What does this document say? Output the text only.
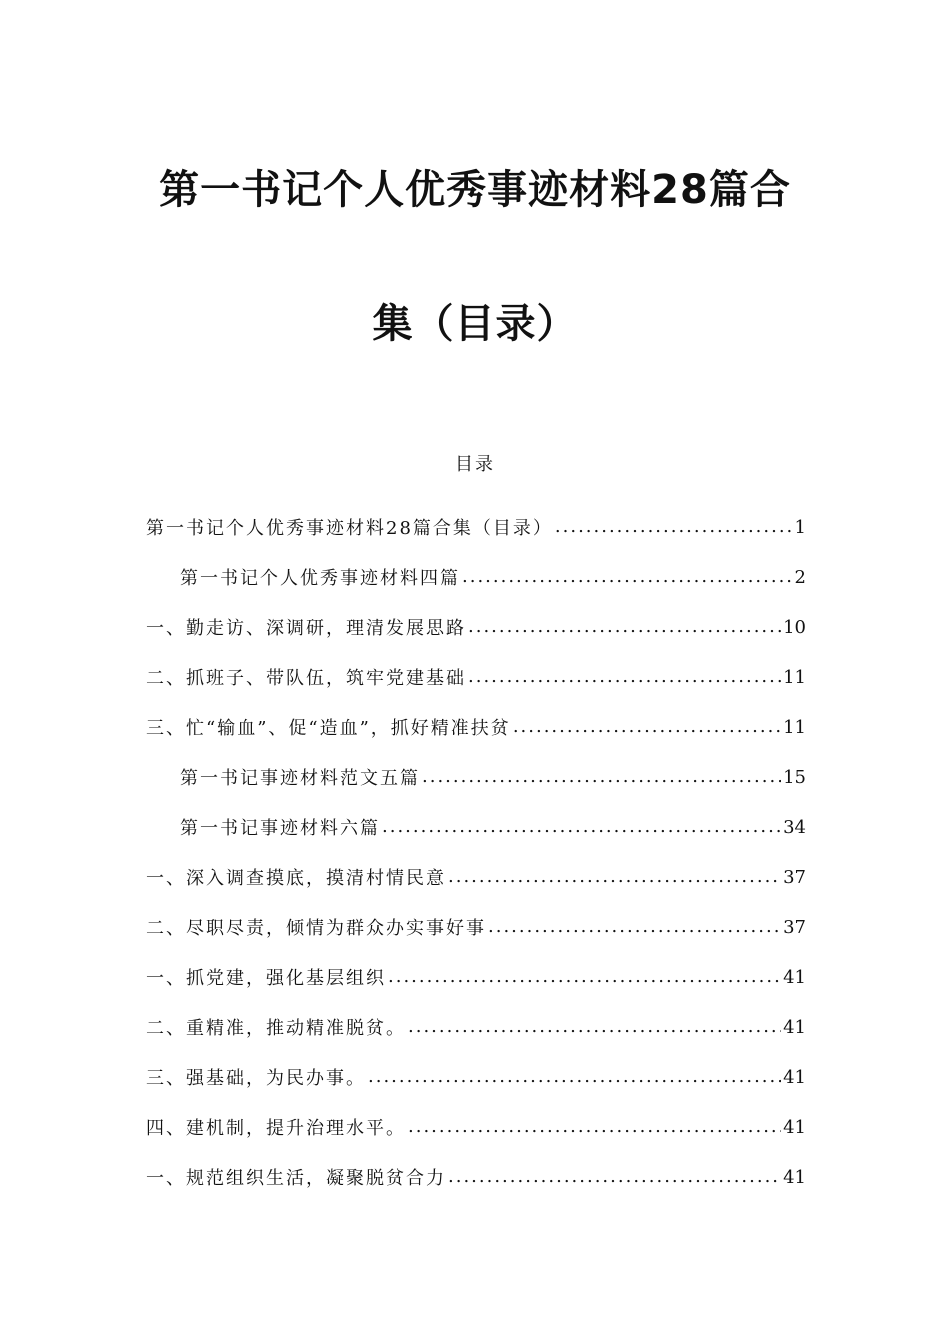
第一书记个人优秀事迹材料28篇合
集（目录）
目录
第一书记个人优秀事迹材料28篇合集（目录） .....	1
第一书记个人优秀事迹材料四篇 .....	2
一、勤走访、深调研，理清发展思路 .....	10
二、抓班子、带队伍，筑牢党建基础 .....	11
三、忙“输血”、促“造血”，抓好精准扶贫 .....	11
第一书记事迹材料范文五篇 .....	15
第一书记事迹材料六篇 .....	34
一、深入调查摸底，摸清村情民意 .....	37
二、尽职尽责，倾情为群众办实事好事 .....	37
一、抓党建，强化基层组织 .....	41
二、重精准，推动精准脱贫。 .....	41
三、强基础，为民办事。 .....	41
四、建机制，提升治理水平。 .....	41
一、规范组织生活，凝聚脱贫合力 .....	41
